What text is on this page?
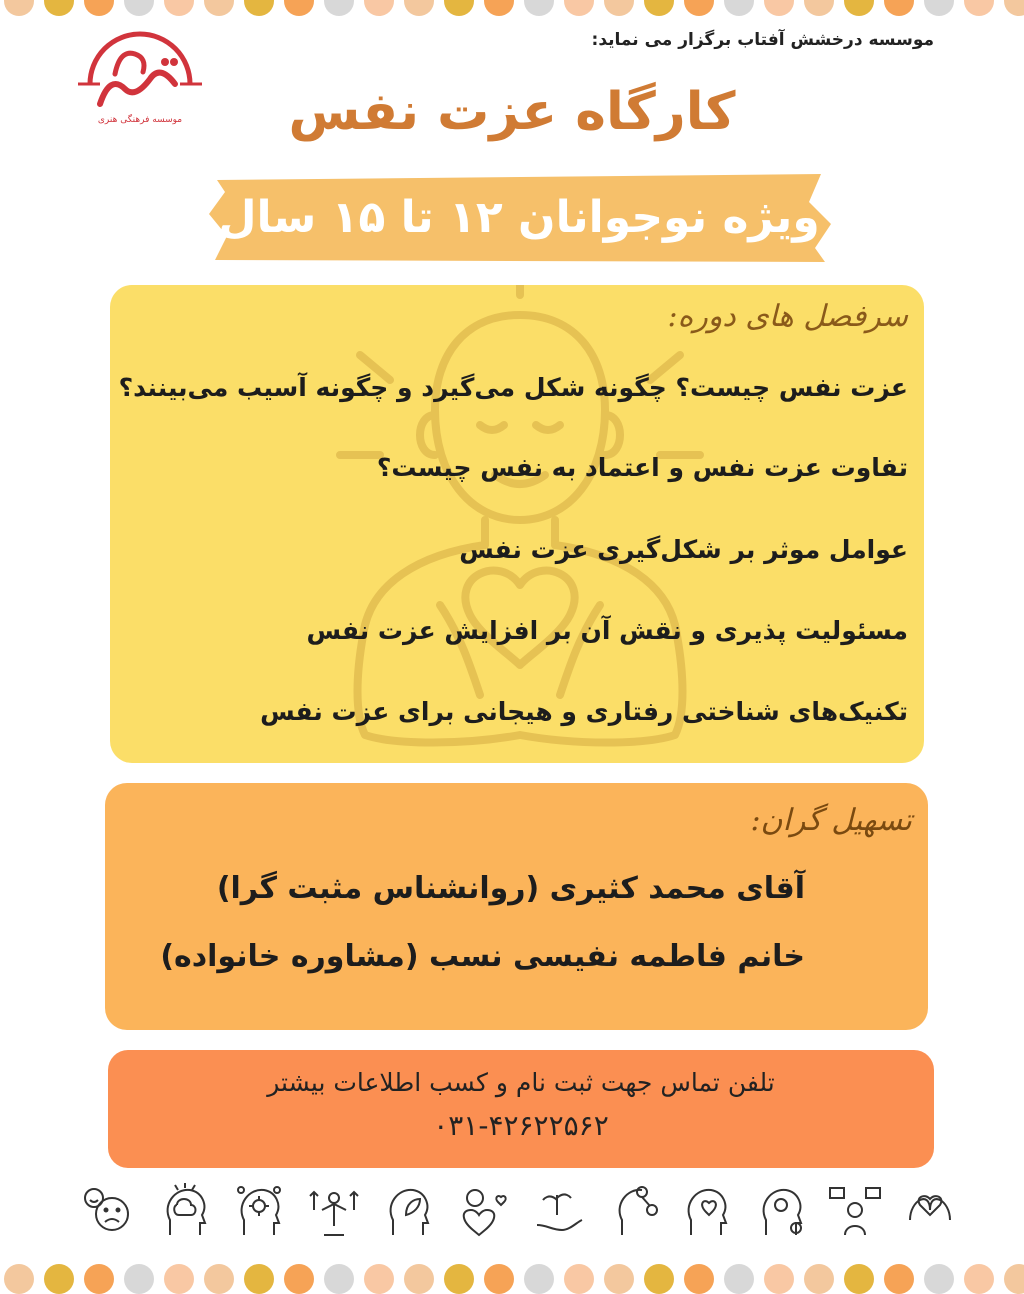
موسسه فرهنگی هنری
موسسه درخشش آفتاب برگزار می نماید:
کارگاه عزت نفس
ویژه نوجوانان ۱۲ تا ۱۵ سال
سرفصل های دوره:
عزت نفس چیست؟ چگونه شکل می‌گیرد و چگونه آسیب می‌بینند؟
تفاوت عزت نفس و اعتماد به نفس چیست؟
عوامل موثر بر شکل‌گیری عزت نفس
مسئولیت پذیری و نقش آن بر افزایش عزت نفس
تکنیک‌های شناختی رفتاری و هیجانی برای عزت نفس
تسهیل گران:
آقای محمد کثیری (روانشناس مثبت گرا)
خانم فاطمه نفیسی نسب (مشاوره خانواده)
تلفن تماس جهت ثبت نام و کسب اطلاعات بیشتر
۰۳۱-۴۲۶۲۲۵۶۲
